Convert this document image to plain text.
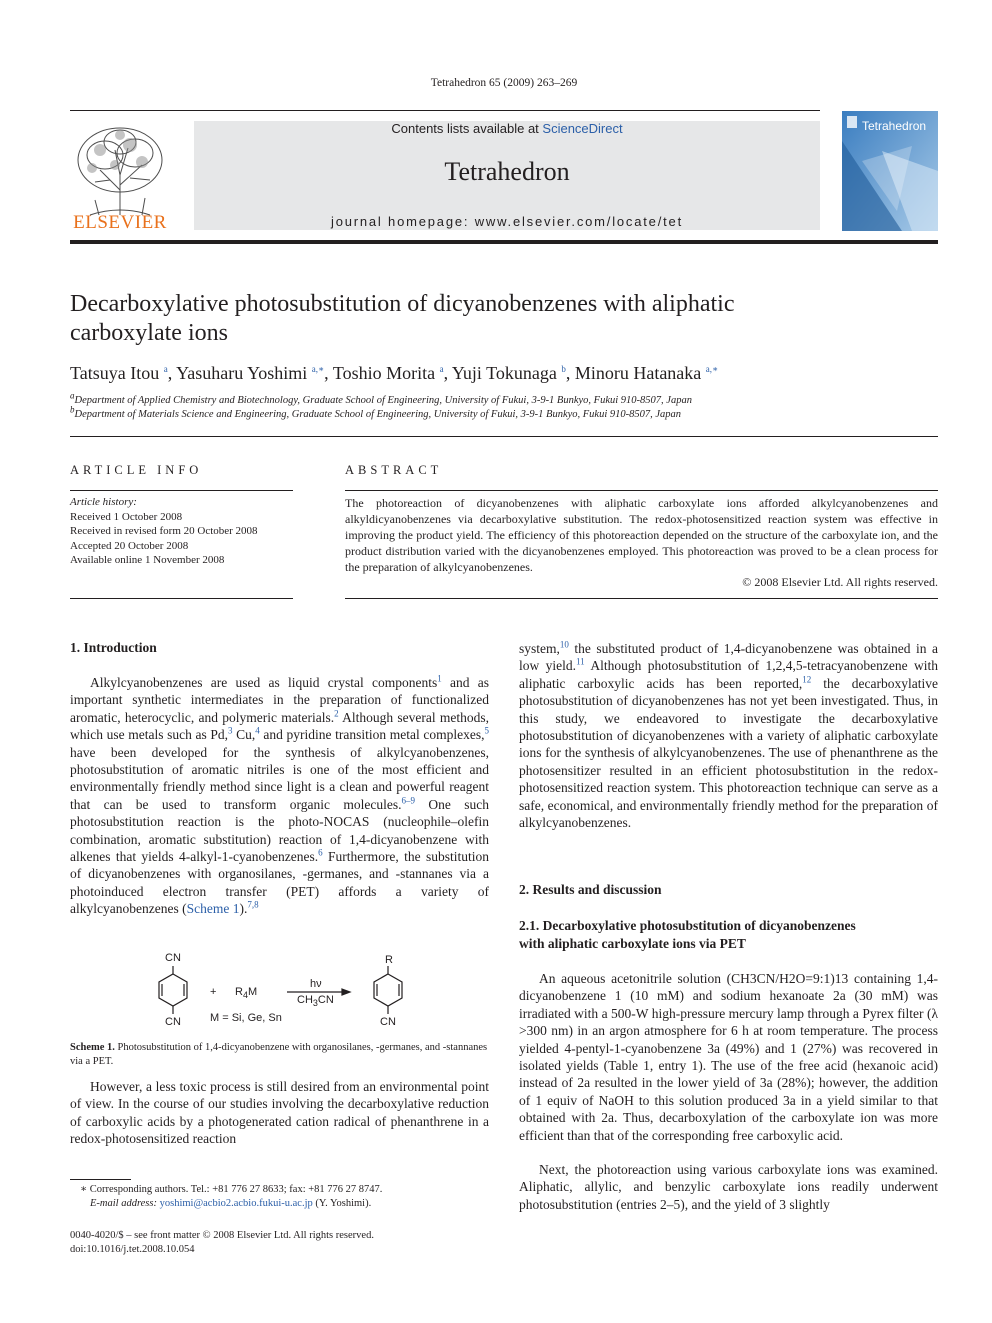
Tetrahedron 65 (2009) 263–269
ELSEVIER
Contents lists available at ScienceDirect
Tetrahedron
journal homepage: www.elsevier.com/locate/tet
Tetrahedron
Decarboxylative photosubstitution of dicyanobenzenes with aliphatic
carboxylate ions
Tatsuya Itou $^a$, Yasuharu Yoshimi $^{a,∗}$, Toshio Morita $^a$, Yuji Tokunaga $^b$, Minoru Hatanaka $^{a,∗}$
$^a$Department of Applied Chemistry and Biotechnology, Graduate School of Engineering, University of Fukui, 3-9-1 Bunkyo, Fukui 910-8507, Japan
$^b$Department of Materials Science and Engineering, Graduate School of Engineering, University of Fukui, 3-9-1 Bunkyo, Fukui 910-8507, Japan
ARTICLE INFO
Article history:
Received 1 October 2008
Received in revised form 20 October 2008
Accepted 20 October 2008
Available online 1 November 2008
ABSTRACT
The photoreaction of dicyanobenzenes with aliphatic carboxylate ions afforded alkylcyanobenzenes and alkyldicyanobenzenes via decarboxylative substitution. The redox-photosensitized reaction system was effective in improving the product yield. The efficiency of this photoreaction depended on the structure of the carboxylate ion, and the product distribution varied with the dicyanobenzenes employed. This photoreaction was proved to be a clean process for the preparation of alkylcyanobenzenes.
© 2008 Elsevier Ltd. All rights reserved.
1. Introduction

Alkylcyanobenzenes are used as liquid crystal components$^1$ and as important synthetic intermediates in the preparation of functionalized aromatic, heterocyclic, and polymeric materials.$^2$ Although several methods, which use metals such as Pd,$^3$ Cu,$^4$ and pyridine transition metal complexes,$^5$ have been developed for the synthesis of alkylcyanobenzenes, photosubstitution of aromatic nitriles is one of the most efficient and environmentally friendly method since light is a clean and powerful reagent that can be used to transform organic molecules.$^{6-9}$ One such photosubstitution reaction is the photo-NOCAS (nucleophile–olefin combination, aromatic substitution) reaction of 1,4-dicyanobenzene with alkenes that yields 4-alkyl-1-cyanobenzenes.$^6$ Furthermore, the substitution of dicyanobenzenes with organosilanes, -germanes, and -stannanes via a photoinduced electron transfer (PET) affords a variety of alkylcyanobenzenes (Scheme 1).$^{7,8}$

CN
CN
+ $R_4M$
hν
$CH_3CN$
M = Si, Ge, Sn
R
CN
Scheme 1. Photosubstitution of 1,4-dicyanobenzene with organosilanes, -germanes, and -stannanes via a PET.

However, a less toxic process is still desired from an environmental point of view. In the course of our studies involving the decarboxylative reduction of carboxylic acids by a photogenerated cation radical of phenanthrene in a redox-photosensitized reaction

∗ Corresponding authors. Tel.: +81 776 27 8633; fax: +81 776 27 8747.
E-mail address: yoshimi@acbio2.acbio.fukui-u.ac.jp (Y. Yoshimi).
0040-4020/$ – see front matter © 2008 Elsevier Ltd. All rights reserved.
doi:10.1016/j.tet.2008.10.054

system,$^{10}$ the substituted product of 1,4-dicyanobenzene was obtained in a low yield.$^{11}$ Although photosubstitution of 1,2,4,5-tetracyanobenzene with aliphatic carboxylic acids has been reported,$^{12}$ the decarboxylative photosubstitution of dicyanobenzenes has not yet been investigated. Thus, in this study, we endeavored to investigate the decarboxylative photosubstitution of dicyanobenzenes with a variety of aliphatic carboxylate ions for the synthesis of alkylcyanobenzenes. The use of phenanthrene as the photosensitizer resulted in an efficient photosubstitution in the redox-photosensitized reaction system. This photoreaction technique can serve as a safe, economical, and environmentally friendly method for the preparation of alkylcyanobenzenes.

2. Results and discussion
2.1. Decarboxylative photosubstitution of dicyanobenzenes
with aliphatic carboxylate ions via PET

An aqueous acetonitrile solution (CH3CN/H2O=9:1)13 containing 1,4-dicyanobenzene 1 (10 mM) and sodium hexanoate 2a (30 mM) was irradiated with a 500-W high-pressure mercury lamp through a Pyrex filter (λ >300 nm) in an argon atmosphere for 6 h at room temperature. The process yielded 4-pentyl-1-cyanobenzene 3a (49%) and 1 (27%) was recovered in isolated yields (Table 1, entry 1). The use of the free acid (hexanoic acid) instead of 2a resulted in the lower yield of 3a (28%); however, the addition of 1 equiv of NaOH to this solution produced 3a in a yield similar to that obtained with 2a. Thus, decarboxylation of the carboxylate ion was more efficient than that of the corresponding free carboxylic acid.

Next, the photoreaction using various carboxylate ions was examined. Aliphatic, allylic, and benzylic carboxylate ions readily underwent photosubstitution (entries 2–5), and the yield of 3 slightly
